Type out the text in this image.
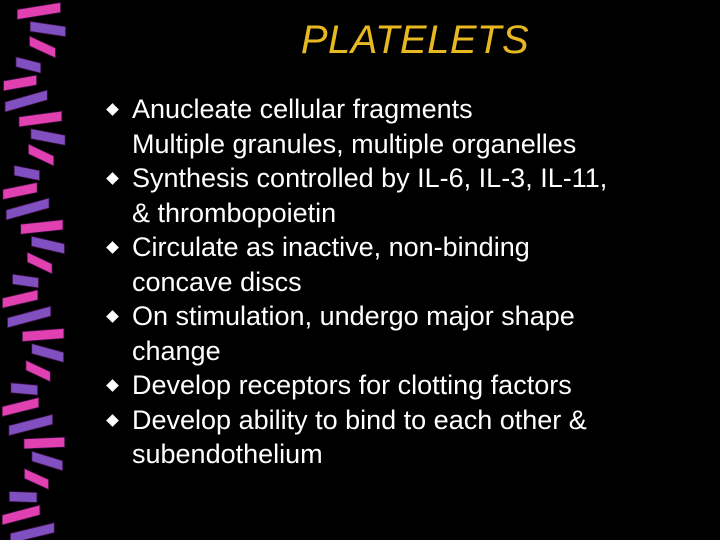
PLATELETS
Anucleate cellular fragments
Multiple granules, multiple organelles
Synthesis controlled by IL-6, IL-3, IL-11,
& thrombopoietin
Circulate as inactive, non-binding
concave discs
On stimulation, undergo major shape
change
Develop receptors for clotting factors
Develop ability to bind to each other &
subendothelium
